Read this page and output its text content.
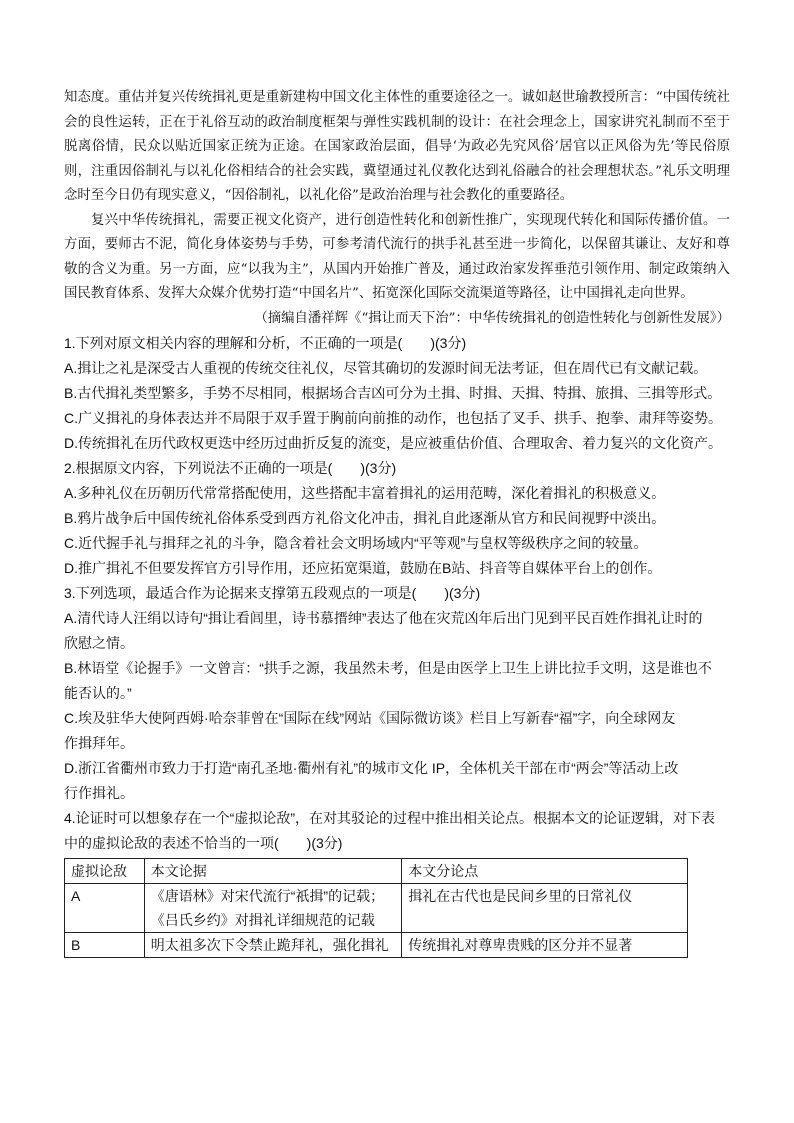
知态度。重估并复兴传统揖礼更是重新建构中国文化主体性的重要途径之一。诚如赵世瑜教授所言：“中国传统社会的良性运转，正在于礼俗互动的政治制度框架与弹性实践机制的设计：在社会理念上，国家讲究礼制而不至于脱离俗情，民众以贴近国家正统为正途。在国家政治层面，倡导‘为政必先究风俗’居官以正风俗为先’等民俗原则，注重因俗制礼与以礼化俗相结合的社会实践，冀望通过礼仪教化达到礼俗融合的社会理想状态。”礼乐文明理念时至今日仍有现实意义，“因俗制礼，以礼化俗”是政治治理与社会教化的重要路径。

复兴中华传统揖礼，需要正视文化资产，进行创造性转化和创新性推广，实现现代转化和国际传播价值。一方面，要师古不泥，简化身体姿势与手势，可参考清代流行的拱手礼甚至进一步简化，以保留其谦让、友好和尊敬的含义为重。另一方面，应“以我为主”，从国内开始推广普及，通过政治家发挥垂范引领作用、制定政策纳入国民教育体系、发挥大众媒介优势打造“中国名片”、拓宽深化国际交流渠道等路径，让中国揖礼走向世界。

（摘编自潘祥辉《“揖让而天下治”：中华传统揖礼的创造性转化与创新性发展》）

1.下列对原文相关内容的理解和分析，不正确的一项是(　　)(3分)

A.揖让之礼是深受古人重视的传统交往礼仪，尽管其确切的发源时间无法考证，但在周代已有文献记载。

B.古代揖礼类型繁多，手势不尽相同，根据场合吉凶可分为土揖、时揖、天揖、特揖、旅揖、三揖等形式。

C.广义揖礼的身体表达并不局限于双手置于胸前向前推的动作，也包括了叉手、拱手、抱拳、肃拜等姿势。

D.传统揖礼在历代政权更迭中经历过曲折反复的流变，是应被重估价值、合理取舍、着力复兴的文化资产。

2.根据原文内容，下列说法不正确的一项是(　　)(3分)

A.多种礼仪在历朝历代常常搭配使用，这些搭配丰富着揖礼的运用范畴，深化着揖礼的积极意义。

B.鸦片战争后中国传统礼俗体系受到西方礼俗文化冲击，揖礼自此逐渐从官方和民间视野中淡出。

C.近代握手礼与揖拜之礼的斗争，隐含着社会文明场域内“平等观”与皇权等级秩序之间的较量。

D.推广揖礼不但要发挥官方引导作用，还应拓宽渠道，鼓励在B站、抖音等自媒体平台上的创作。

3.下列选项，最适合作为论据来支撑第五段观点的一项是(　　)(3分)

A.清代诗人汪绢以诗句“揖让看闾里，诗书慕搢绅”表达了他在灾荒凶年后出门见到平民百姓作揖礼让时的

欣慰之情。

B.林语堂《论握手》一文曾言：“拱手之源，我虽然未考，但是由医学上卫生上讲比拉手文明，这是谁也不

能否认的。”

C.埃及驻华大使阿西姆·哈奈菲曾在“国际在线”网站《国际微访谈》栏目上写新春“福”字，向全球网友

作揖拜年。

D.浙江省衢州市致力于打造“南孔圣地·衢州有礼”的城市文化 IP，全体机关干部在市“两会”等活动上改

行作揖礼。

4.论证时可以想象存在一个“虚拟论敌”，在对其驳论的过程中推出相关论点。根据本文的论证逻辑，对下表

中的虚拟论敌的表述不恰当的一项(　　)(3分)

虚拟论敌	本文论据	本文分论点
A	《唐语林》对宋代流行“祇揖”的记载；《吕氏乡约》对揖礼详细规范的记载	揖礼在古代也是民间乡里的日常礼仪
B	明太祖多次下令禁止跪拜礼，强化揖礼	传统揖礼对尊卑贵贱的区分并不显著
